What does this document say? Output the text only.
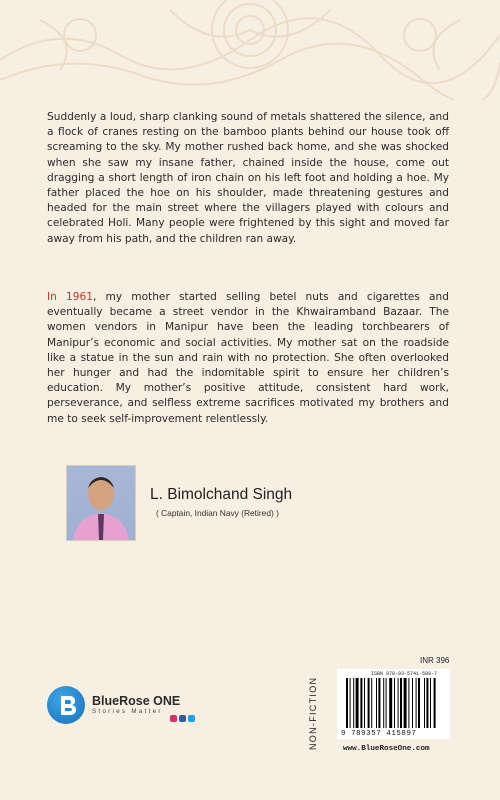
Suddenly a loud, sharp clanking sound of metals shattered the silence, and a flock of cranes resting on the bamboo plants behind our house took off screaming to the sky. My mother rushed back home, and she was shocked when she saw my insane father, chained inside the house, come out dragging a short length of iron chain on his left foot and holding a hoe. My father placed the hoe on his shoulder, made threatening gestures and headed for the main street where the villagers played with colours and celebrated Holi. Many people were frightened by this sight and moved far away from his path, and the children ran away.

In 1961, my mother started selling betel nuts and cigarettes and eventually became a street vendor in the Khwairamband Bazaar. The women vendors in Manipur have been the leading torchbearers of Manipur’s economic and social activities. My mother sat on the roadside like a statue in the sun and rain with no protection. She often overlooked her hunger and had the indomitable spirit to ensure her children’s education. My mother’s positive attitude, consistent hard work, perseverance, and selfless extreme sacrifices motivated my brothers and me to seek self-improvement relentlessly.

L. Bimolchand Singh
( Captain, Indian Navy (Retired) )
BlueRose ONE
Stories Matter	NON-FICTION
INR 396
ISBN 978-93-5741-589-7
9 789357 415897
www.BlueRoseOne.com
